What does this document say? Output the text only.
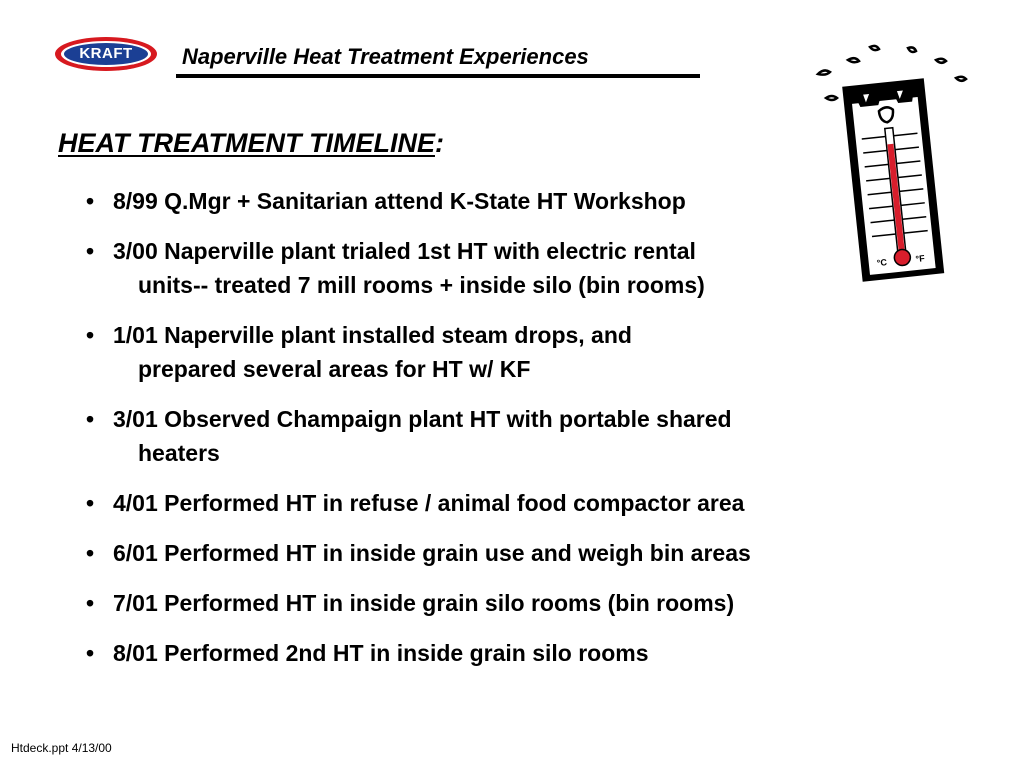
KRAFT	Naperville Heat Treatment Experiences
HEAT TREATMENT TIMELINE:
• 8/99 Q.Mgr + Sanitarian attend K-State HT Workshop
• 3/00 Naperville plant trialed 1st HT with electric rental
units-- treated 7 mill rooms + inside silo (bin rooms)
• 1/01 Naperville plant installed steam drops, and
prepared several areas for HT w/ KF
• 3/01 Observed Champaign plant HT with portable shared
heaters
• 4/01 Performed HT in refuse / animal food compactor area
• 6/01 Performed HT in inside grain use and weigh bin areas
• 7/01 Performed HT in inside grain silo rooms (bin rooms)
• 8/01 Performed 2nd HT in inside grain silo rooms
°C	°F
Htdeck.ppt 4/13/00
